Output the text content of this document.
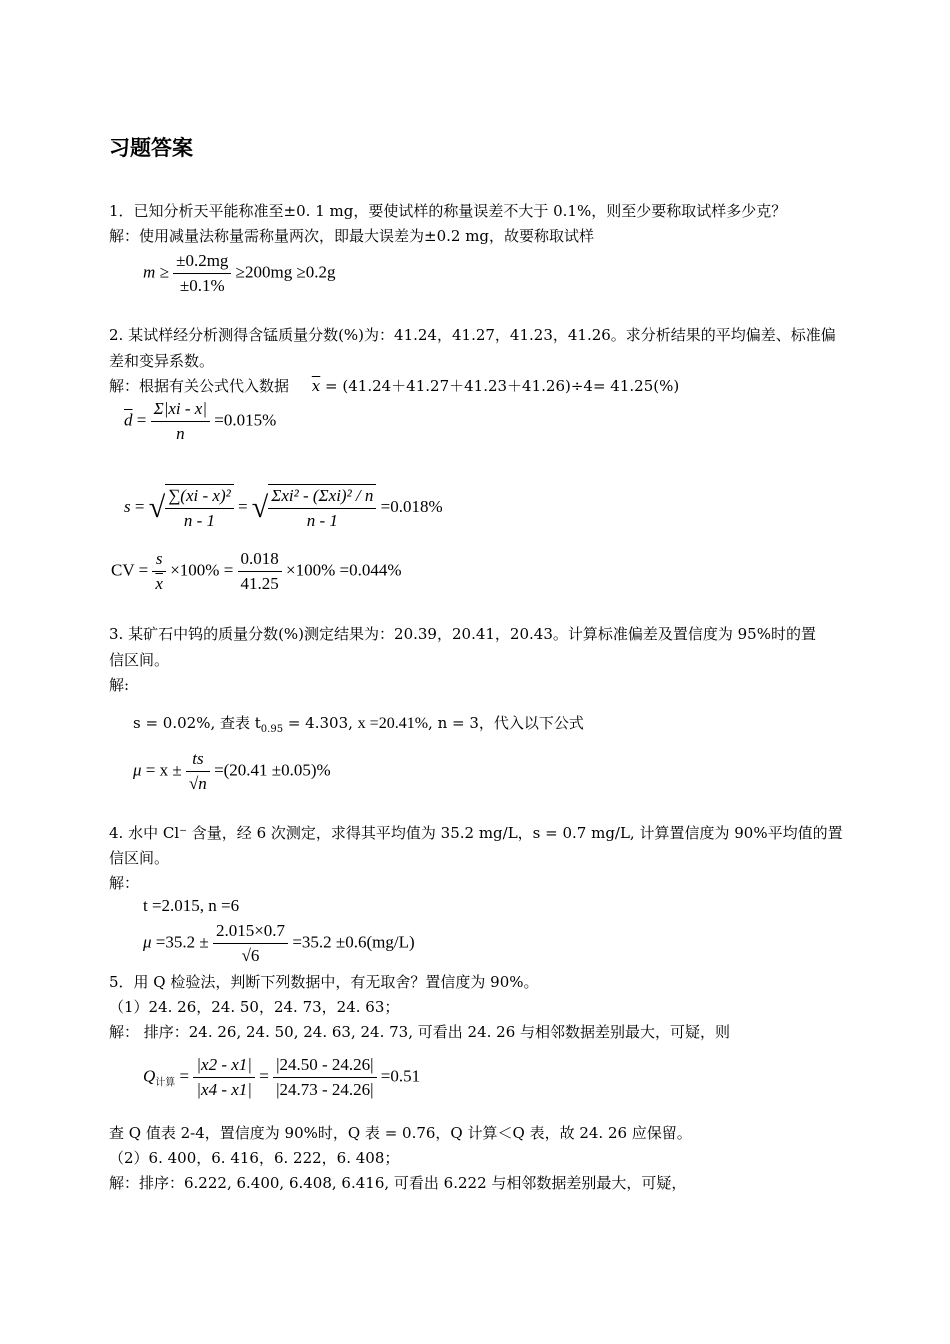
习题答案
1．已知分析天平能称准至±0. 1 mg，要使试样的称量误差不大于 0.1%，则至少要称取试样多少克？
解：使用减量法称量需称量两次，即最大误差为±0.2 mg，故要称取试样
$m \ge \frac{\pm 0.2mg}{\pm 0.1\%} \ge 200mg \ge 0.2g$
2. 某试样经分析测得含锰质量分数(%)为：41.24，41.27，41.23，41.26。求分析结果的平均偏差、标准偏
差和变异系数。
解：根据有关公式代入数据 $\overline{x} = (41.24+41.27+41.23+41.26)\div 4= 41.25(\%)$
$\overline{d} = \frac{\Sigma|xi - x|}{n} =0.015\%$
s = √ $\frac{\text{∑(xi - x)²}}{n - 1}$ = √ $\frac{\text{Σxi² - (Σxi)² / n}}{n - 1} =0.018\%$
CV = $\frac{s}{x} \times 100\% = \frac{0.018}{41.25} \times 100\% =0.044\%$
3. 某矿石中钨的质量分数(%)测定结果为：20.39，20.41，20.43。计算标准偏差及置信度为 95%时的置
信区间。
解:
s = 0.02%, 查表 $t_{0.95} = 4.303$, x =20.41%, n = 3，代入以下公式
$\mu = x \pm \frac{ts}{√n} =(20.41 \pm 0.05)\%$
4. 水中 Cl⁻ 含量，经 6 次测定，求得其平均值为 35.2 mg/L，s = 0.7 mg/L, 计算置信度为 90%平均值的置
信区间。
解：
t =2.015, n =6
$\mu =35.2 \pm \frac{2.015\times 0.7}{√6} =35.2 \pm 0.6(mg/L)$
5．用 Q 检验法，判断下列数据中，有无取舍？置信度为 90%。
（1）24. 26，24. 50，24. 73，24. 63；
解： 排序：24. 26, 24. 50, 24. 63, 24. 73, 可看出 24. 26 与相邻数据差别最大，可疑，则
$Q_{计算} = \frac{|x2 - x1|}{|x4 - x1|} = \frac{|24.50 - 24.26|}{|24.73 - 24.26|} =0.51$
查 Q 值表 2-4，置信度为 90%时，Q 表 = 0.76，Q 计算＜Q 表，故 24. 26 应保留。
（2）6. 400，6. 416，6. 222，6. 408；
解：排序：6.222, 6.400, 6.408, 6.416, 可看出 6.222 与相邻数据差别最大，可疑，
